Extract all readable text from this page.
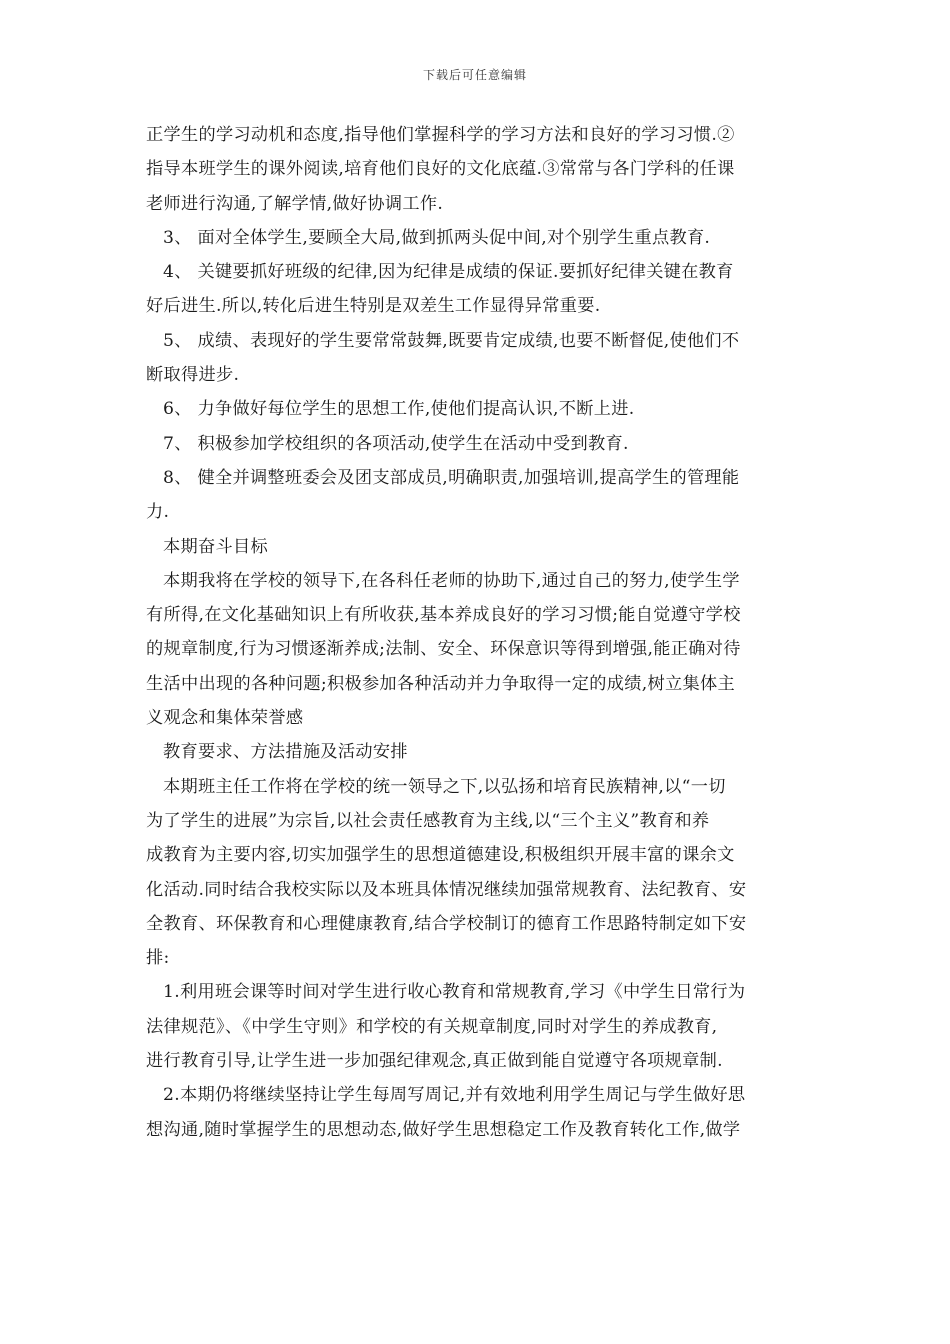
下载后可任意编辑
正学生的学习动机和态度,指导他们掌握科学的学习方法和良好的学习习惯.②
指导本班学生的课外阅读,培育他们良好的文化底蕴.③常常与各门学科的任课
老师进行沟通,了解学情,做好协调工作.
3、 面对全体学生,要顾全大局,做到抓两头促中间,对个别学生重点教育.
4、 关键要抓好班级的纪律,因为纪律是成绩的保证.要抓好纪律关键在教育
好后进生.所以,转化后进生特别是双差生工作显得异常重要.
5、 成绩、表现好的学生要常常鼓舞,既要肯定成绩,也要不断督促,使他们不
断取得进步.
6、 力争做好每位学生的思想工作,使他们提高认识,不断上进.
7、 积极参加学校组织的各项活动,使学生在活动中受到教育.
8、 健全并调整班委会及团支部成员,明确职责,加强培训,提高学生的管理能
力.
本期奋斗目标
本期我将在学校的领导下,在各科任老师的协助下,通过自己的努力,使学生学
有所得,在文化基础知识上有所收获,基本养成良好的学习习惯;能自觉遵守学校
的规章制度,行为习惯逐渐养成;法制、安全、环保意识等得到增强,能正确对待
生活中出现的各种问题;积极参加各种活动并力争取得一定的成绩,树立集体主
义观念和集体荣誉感
教育要求、方法措施及活动安排
本期班主任工作将在学校的统一领导之下,以弘扬和培育民族精神,以“一切
为了学生的进展”为宗旨,以社会责任感教育为主线,以“三个主义”教育和养
成教育为主要内容,切实加强学生的思想道德建设,积极组织开展丰富的课余文
化活动.同时结合我校实际以及本班具体情况继续加强常规教育、法纪教育、安
全教育、环保教育和心理健康教育,结合学校制订的德育工作思路特制定如下安
排:
1.利用班会课等时间对学生进行收心教育和常规教育,学习《中学生日常行为
法律规范》、《中学生守则》和学校的有关规章制度,同时对学生的养成教育,
进行教育引导,让学生进一步加强纪律观念,真正做到能自觉遵守各项规章制.
2.本期仍将继续坚持让学生每周写周记,并有效地利用学生周记与学生做好思
想沟通,随时掌握学生的思想动态,做好学生思想稳定工作及教育转化工作,做学
